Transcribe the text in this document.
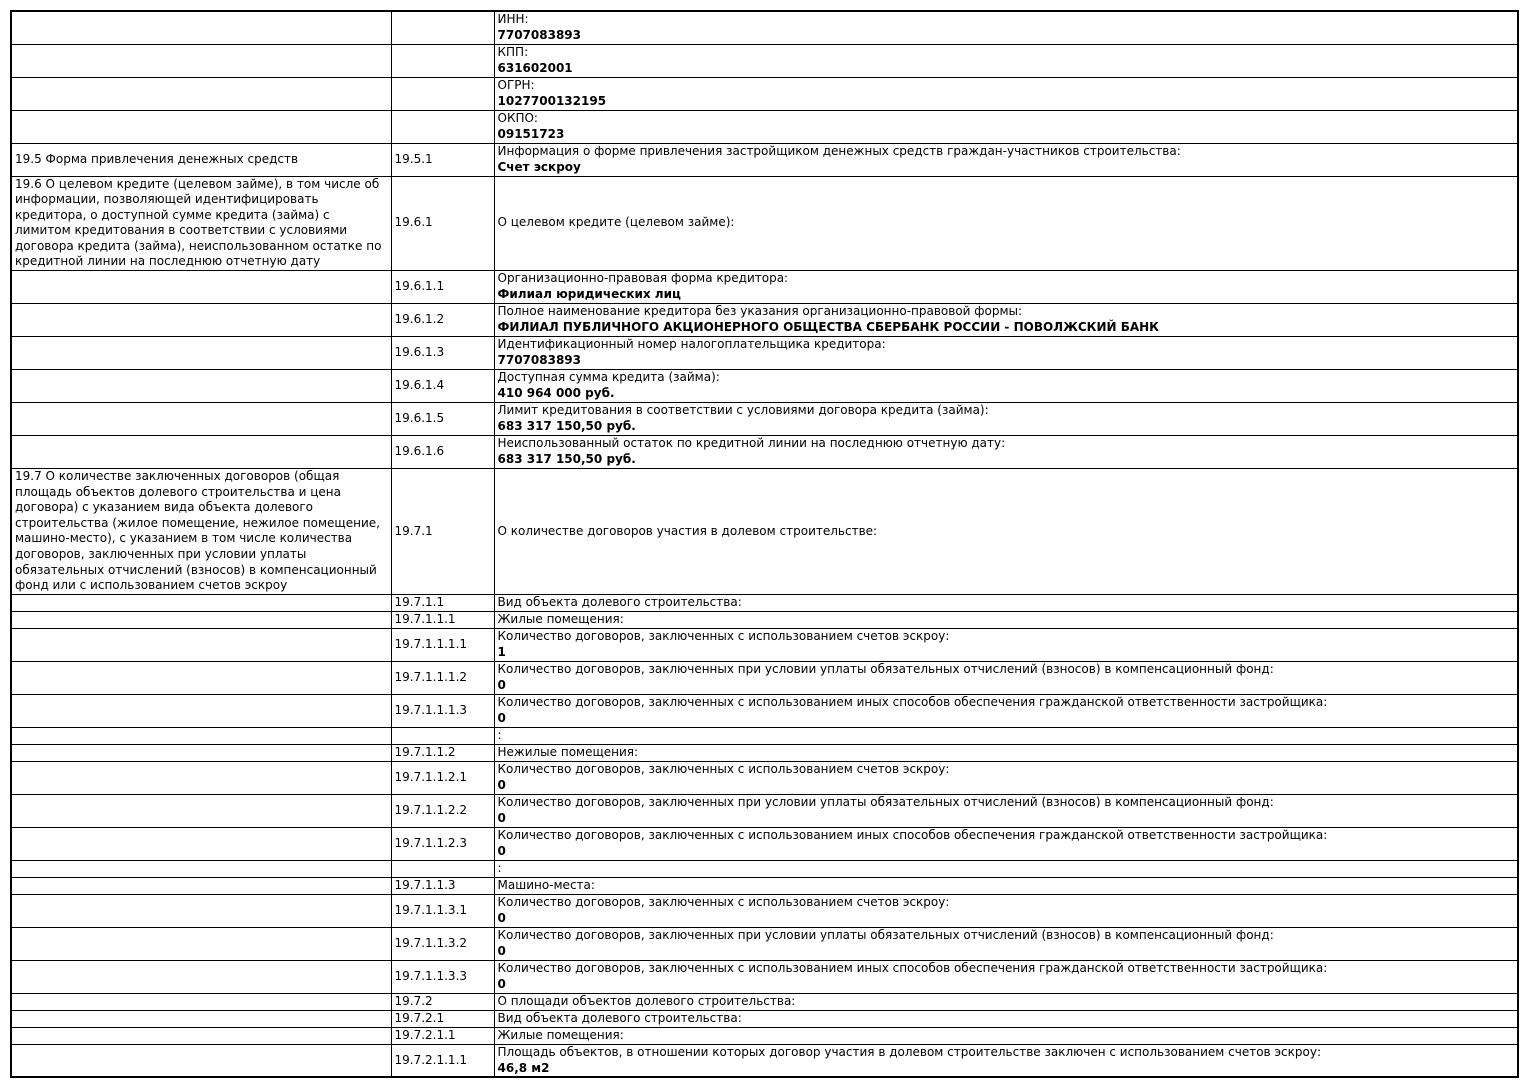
		ИНН:
7707083893

		КПП:
631602001

		ОГРН:
1027700132195

		ОКПО:
09151723

19.5 Форма привлечения денежных средств	19.5.1	Информация о форме привлечения застройщиком денежных средств граждан-участников строительства:
Счет эскроу

19.6 О целевом кредите (целевом займе), в том числе об информации, позволяющей идентифицировать кредитора, о доступной сумме кредита (займа) с лимитом кредитования в соответствии с условиями договора кредита (займа), неиспользованном остатке по кредитной линии на последнюю отчетную дату	19.6.1	О целевом кредите (целевом займе):

	19.6.1.1	Организационно-правовая форма кредитора:
Филиал юридических лиц

	19.6.1.2	Полное наименование кредитора без указания организационно-правовой формы:
ФИЛИАЛ ПУБЛИЧНОГО АКЦИОНЕРНОГО ОБЩЕСТВА СБЕРБАНК РОССИИ - ПОВОЛЖСКИЙ БАНК

	19.6.1.3	Идентификационный номер налогоплательщика кредитора:
7707083893

	19.6.1.4	Доступная сумма кредита (займа):
410 964 000 руб.

	19.6.1.5	Лимит кредитования в соответствии с условиями договора кредита (займа):
683 317 150,50 руб.

	19.6.1.6	Неиспользованный остаток по кредитной линии на последнюю отчетную дату:
683 317 150,50 руб.

19.7 О количестве заключенных договоров (общая площадь объектов долевого строительства и цена договора) с указанием вида объекта долевого строительства (жилое помещение, нежилое помещение, машино-место), с указанием в том числе количества договоров, заключенных при условии уплаты обязательных отчислений (взносов) в компенсационный фонд или с использованием счетов эскроу	19.7.1	О количестве договоров участия в долевом строительстве:

	19.7.1.1	Вид объекта долевого строительства:

	19.7.1.1.1	Жилые помещения:

	19.7.1.1.1.1	Количество договоров, заключенных с использованием счетов эскроу:
1

	19.7.1.1.1.2	Количество договоров, заключенных при условии уплаты обязательных отчислений (взносов) в компенсационный фонд:
0

	19.7.1.1.1.3	Количество договоров, заключенных с использованием иных способов обеспечения гражданской ответственности застройщика:
0

		:

	19.7.1.1.2	Нежилые помещения:

	19.7.1.1.2.1	Количество договоров, заключенных с использованием счетов эскроу:
0

	19.7.1.1.2.2	Количество договоров, заключенных при условии уплаты обязательных отчислений (взносов) в компенсационный фонд:
0

	19.7.1.1.2.3	Количество договоров, заключенных с использованием иных способов обеспечения гражданской ответственности застройщика:
0

		:

	19.7.1.1.3	Машино-места:

	19.7.1.1.3.1	Количество договоров, заключенных с использованием счетов эскроу:
0

	19.7.1.1.3.2	Количество договоров, заключенных при условии уплаты обязательных отчислений (взносов) в компенсационный фонд:
0

	19.7.1.1.3.3	Количество договоров, заключенных с использованием иных способов обеспечения гражданской ответственности застройщика:
0

	19.7.2	О площади объектов долевого строительства:

	19.7.2.1	Вид объекта долевого строительства:

	19.7.2.1.1	Жилые помещения:

	19.7.2.1.1.1	Площадь объектов, в отношении которых договор участия в долевом строительстве заключен с использованием счетов эскроу:
46,8 м2
